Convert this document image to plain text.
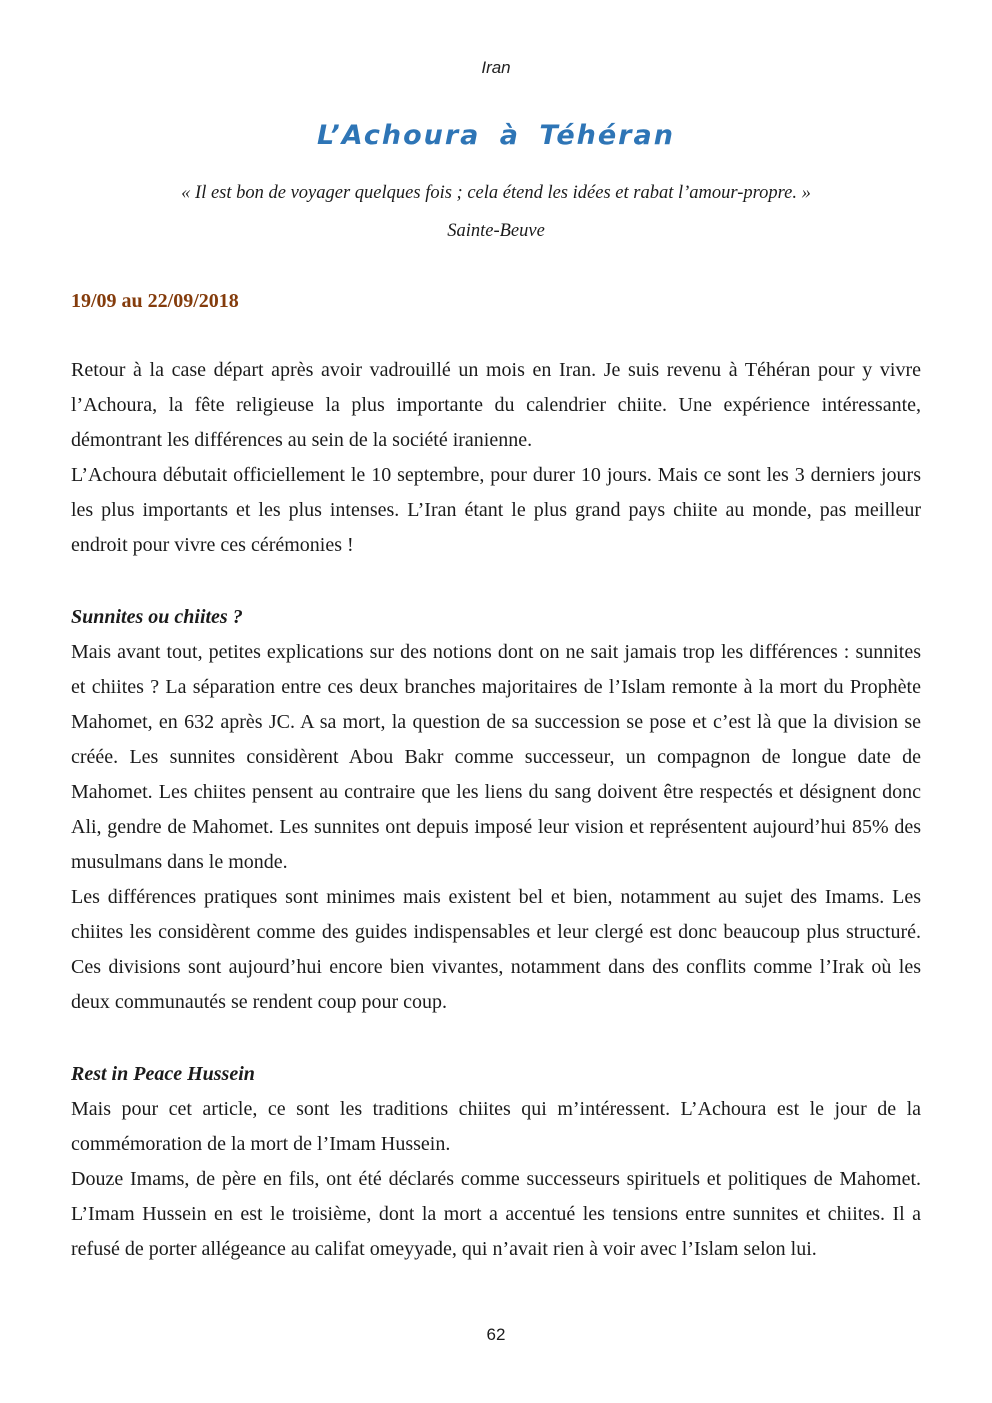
Iran
L’Achoura à Téhéran
« Il est bon de voyager quelques fois ; cela étend les idées et rabat l’amour-propre. »
Sainte-Beuve
19/09 au 22/09/2018

Retour à la case départ après avoir vadrouillé un mois en Iran. Je suis revenu à Téhéran pour y vivre l’Achoura, la fête religieuse la plus importante du calendrier chiite. Une expérience intéressante, démontrant les différences au sein de la société iranienne.

L’Achoura débutait officiellement le 10 septembre, pour durer 10 jours. Mais ce sont les 3 derniers jours les plus importants et les plus intenses. L’Iran étant le plus grand pays chiite au monde, pas meilleur endroit pour vivre ces cérémonies !

Sunnites ou chiites ?

Mais avant tout, petites explications sur des notions dont on ne sait jamais trop les différences : sunnites et chiites ? La séparation entre ces deux branches majoritaires de l’Islam remonte à la mort du Prophète Mahomet, en 632 après JC. A sa mort, la question de sa succession se pose et c’est là que la division se créée. Les sunnites considèrent Abou Bakr comme successeur, un compagnon de longue date de Mahomet. Les chiites pensent au contraire que les liens du sang doivent être respectés et désignent donc Ali, gendre de Mahomet. Les sunnites ont depuis imposé leur vision et représentent aujourd’hui 85% des musulmans dans le monde.

Les différences pratiques sont minimes mais existent bel et bien, notamment au sujet des Imams. Les chiites les considèrent comme des guides indispensables et leur clergé est donc beaucoup plus structuré. Ces divisions sont aujourd’hui encore bien vivantes, notamment dans des conflits comme l’Irak où les deux communautés se rendent coup pour coup.

Rest in Peace Hussein

Mais pour cet article, ce sont les traditions chiites qui m’intéressent. L’Achoura est le jour de la commémoration de la mort de l’Imam Hussein.

Douze Imams, de père en fils, ont été déclarés comme successeurs spirituels et politiques de Mahomet. L’Imam Hussein en est le troisième, dont la mort a accentué les tensions entre sunnites et chiites. Il a refusé de porter allégeance au califat omeyyade, qui n’avait rien à voir avec l’Islam selon lui.

62
